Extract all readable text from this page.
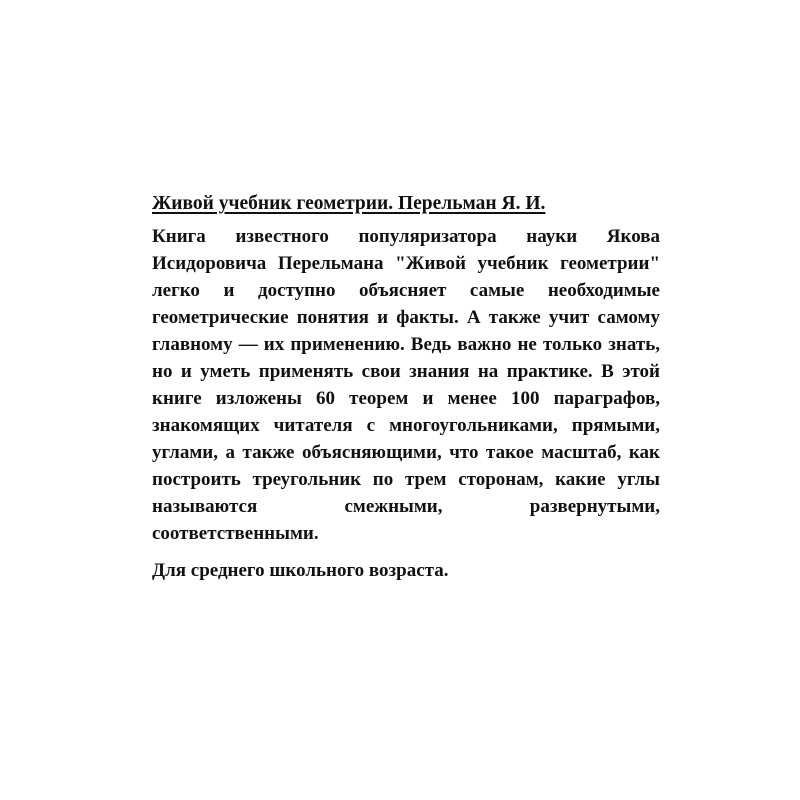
Живой учебник геометрии. Перельман Я. И.

Книга известного популяризатора науки Якова Исидоровича Перельмана "Живой учебник геометрии" легко и доступно объясняет самые необходимые геометрические понятия и факты. А также учит самому главному — их применению. Ведь важно не только знать, но и уметь применять свои знания на практике. В этой книге изложены 60 теорем и менее 100 параграфов, знакомящих читателя с многоугольниками, прямыми, углами, а также объясняющими, что такое масштаб, как построить треугольник по трем сторонам, какие углы называются смежными, развернутыми, соответственными.

Для среднего школьного возраста.
